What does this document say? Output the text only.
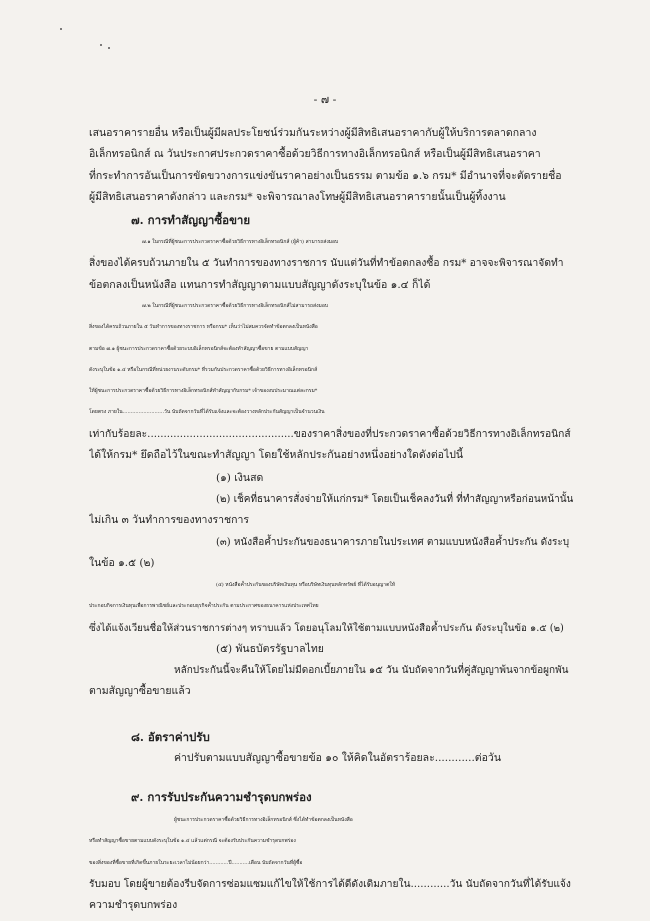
- ๗ -
เสนอราคารายอื่น หรือเป็นผู้มีผลประโยชน์ร่วมกันระหว่างผู้มีสิทธิเสนอราคากับผู้ให้บริการตลาดกลาง
อิเล็กทรอนิกส์ ณ วันประกาศประกวดราคาซื้อด้วยวิธีการทางอิเล็กทรอนิกส์ หรือเป็นผู้มีสิทธิเสนอราคา
ที่กระทำการอันเป็นการขัดขวางการแข่งขันราคาอย่างเป็นธรรม ตามข้อ ๑.๖ กรม* มีอำนาจที่จะตัดรายชื่อ
ผู้มีสิทธิเสนอราคาดังกล่าว และกรม* จะพิจารณาลงโทษผู้มีสิทธิเสนอราคารายนั้นเป็นผู้ทิ้งงาน
๗. การทำสัญญาซื้อขาย
๗.๑ ในกรณีที่ผู้ชนะการประกวดราคาซื้อด้วยวิธีการทางอิเล็กทรอนิกส์ (ผู้ค้า) สามารถส่งมอบ
สิ่งของได้ครบถ้วนภายใน ๕ วันทำการของทางราชการ นับแต่วันที่ทำข้อตกลงซื้อ กรม* อาจจะพิจารณาจัดทำ
ข้อตกลงเป็นหนังสือ แทนการทำสัญญาตามแบบสัญญาดังระบุในข้อ ๑.๔ ก็ได้
๗.๒ ในกรณีที่ผู้ชนะการประกวดราคาซื้อด้วยวิธีการทางอิเล็กทรอนิกส์ไม่สามารถส่งมอบ
สิ่งของได้ครบถ้วนภายใน ๕ วันทำการของทางราชการ หรือกรม* เห็นว่าไม่สมควรจัดทำข้อตกลงเป็นหนังสือ
ตามข้อ ๗.๑ ผู้ชนะการประกวดราคาซื้อด้วยระบบอิเล็กทรอนิกส์จะต้องทำสัญญาซื้อขาย ตามแบบสัญญา
ดังระบุในข้อ ๑.๔ หรือในกรณีที่หน่วยงานระดับกรม* ที่รวมกันประกวดราคาซื้อด้วยวิธีการทางอิเล็กทรอนิกส์
ให้ผู้ชนะการประกวดราคาซื้อด้วยวิธีการทางอิเล็กทรอนิกส์ทำสัญญากับกรม* เจ้าของงบประมาณแต่ละกรม*
โดยตรง ภายใน..........................วัน นับถัดจากวันที่ได้รับแจ้งและจะต้องวางหลักประกันสัญญาเป็นจำนวนเงิน
เท่ากับร้อยละ.............................................ของราคาสิ่งของที่ประกวดราคาซื้อด้วยวิธีการทางอิเล็กทรอนิกส์
ได้ให้กรม* ยึดถือไว้ในขณะทำสัญญา โดยใช้หลักประกันอย่างหนึ่งอย่างใดดังต่อไปนี้
(๑) เงินสด
(๒) เช็คที่ธนาคารสั่งจ่ายให้แก่กรม* โดยเป็นเช็คลงวันที่ ที่ทำสัญญาหรือก่อนหน้านั้น
ไม่เกิน ๓ วันทำการของทางราชการ
(๓) หนังสือค้ำประกันของธนาคารภายในประเทศ ตามแบบหนังสือค้ำประกัน ดังระบุ
ในข้อ ๑.๕ (๒)
(๔) หนังสือค้ำประกันของบริษัทเงินทุน หรือบริษัทเงินทุนหลักทรัพย์ ที่ได้รับอนุญาตให้
ประกอบกิจการเงินทุนเพื่อการพาณิชย์และประกอบธุรกิจค้ำประกัน ตามประกาศของธนาคารแห่งประเทศไทย
ซึ่งได้แจ้งเวียนชื่อให้ส่วนราชการต่างๆ ทราบแล้ว โดยอนุโลมให้ใช้ตามแบบหนังสือค้ำประกัน ดังระบุในข้อ ๑.๕ (๒)
(๕) พันธบัตรรัฐบาลไทย
หลักประกันนี้จะคืนให้โดยไม่มีดอกเบี้ยภายใน ๑๕ วัน นับถัดจากวันที่คู่สัญญาพ้นจากข้อผูกพัน
ตามสัญญาซื้อขายแล้ว
๘. อัตราค่าปรับ
ค่าปรับตามแบบสัญญาซื้อขายข้อ ๑๐ ให้คิดในอัตราร้อยละ............ต่อวัน
๙. การรับประกันความชำรุดบกพร่อง
ผู้ชนะการประกวดราคาซื้อด้วยวิธีการทางอิเล็กทรอนิกส์ ซึ่งได้ทำข้อตกลงเป็นหนังสือ
หรือทำสัญญาซื้อขายตามแบบดังระบุในข้อ ๑.๔ แล้วแต่กรณี จะต้องรับประกันความชำรุดบกพร่อง
ของสิ่งของที่ซื้อขายที่เกิดขึ้นภายในระยะเวลาไม่น้อยกว่า............ปี...........เดือน นับถัดจากวันที่ผู้ซื้อ
รับมอบ โดยผู้ขายต้องรีบจัดการซ่อมแซมแก้ไขให้ใช้การได้ดีดังเดิมภายใน............วัน นับถัดจากวันที่ได้รับแจ้ง
ความชำรุดบกพร่อง
